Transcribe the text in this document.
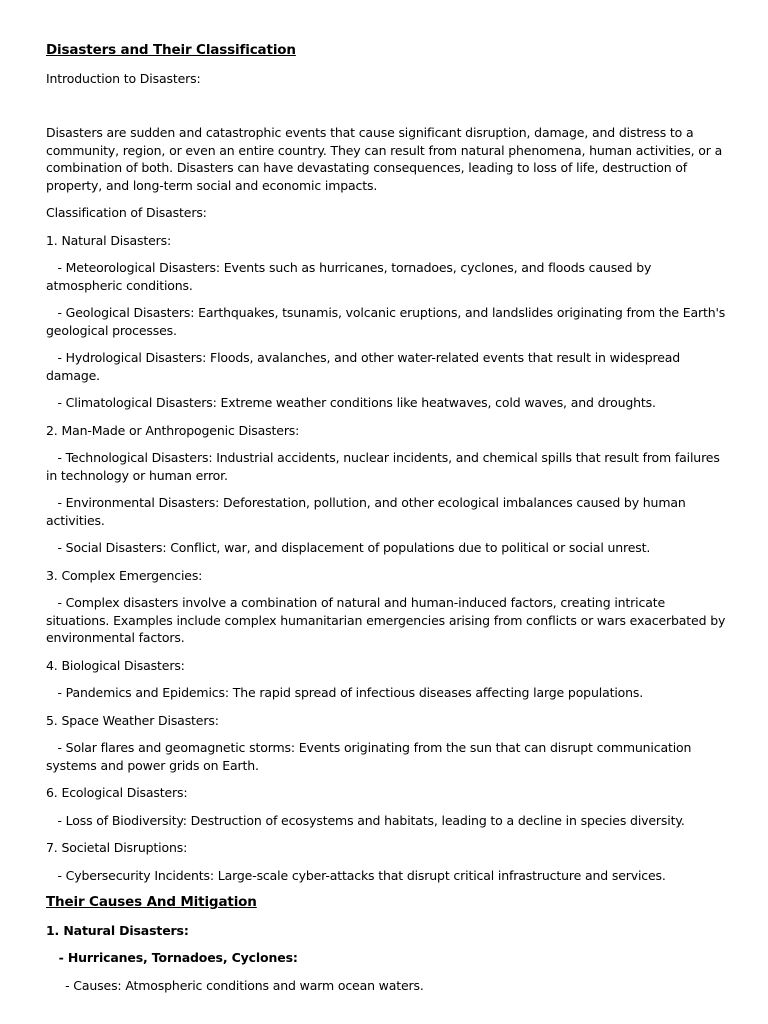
Disasters and Their Classification

Introduction to Disasters:

Disasters are sudden and catastrophic events that cause significant disruption, damage, and distress to a community, region, or even an entire country. They can result from natural phenomena, human activities, or a combination of both. Disasters can have devastating consequences, leading to loss of life, destruction of property, and long-term social and economic impacts.

Classification of Disasters:

1. Natural Disasters:

- Meteorological Disasters: Events such as hurricanes, tornadoes, cyclones, and floods caused by atmospheric conditions.

- Geological Disasters: Earthquakes, tsunamis, volcanic eruptions, and landslides originating from the Earth's geological processes.

- Hydrological Disasters: Floods, avalanches, and other water-related events that result in widespread damage.

- Climatological Disasters: Extreme weather conditions like heatwaves, cold waves, and droughts.

2. Man-Made or Anthropogenic Disasters:

- Technological Disasters: Industrial accidents, nuclear incidents, and chemical spills that result from failures in technology or human error.

- Environmental Disasters: Deforestation, pollution, and other ecological imbalances caused by human activities.

- Social Disasters: Conflict, war, and displacement of populations due to political or social unrest.

3. Complex Emergencies:

- Complex disasters involve a combination of natural and human-induced factors, creating intricate situations. Examples include complex humanitarian emergencies arising from conflicts or wars exacerbated by environmental factors.

4. Biological Disasters:

- Pandemics and Epidemics: The rapid spread of infectious diseases affecting large populations.

5. Space Weather Disasters:

- Solar flares and geomagnetic storms: Events originating from the sun that can disrupt communication systems and power grids on Earth.

6. Ecological Disasters:

- Loss of Biodiversity: Destruction of ecosystems and habitats, leading to a decline in species diversity.

7. Societal Disruptions:

- Cybersecurity Incidents: Large-scale cyber-attacks that disrupt critical infrastructure and services.

Their Causes And Mitigation

1. Natural Disasters:

- Hurricanes, Tornadoes, Cyclones:

- Causes: Atmospheric conditions and warm ocean waters.
